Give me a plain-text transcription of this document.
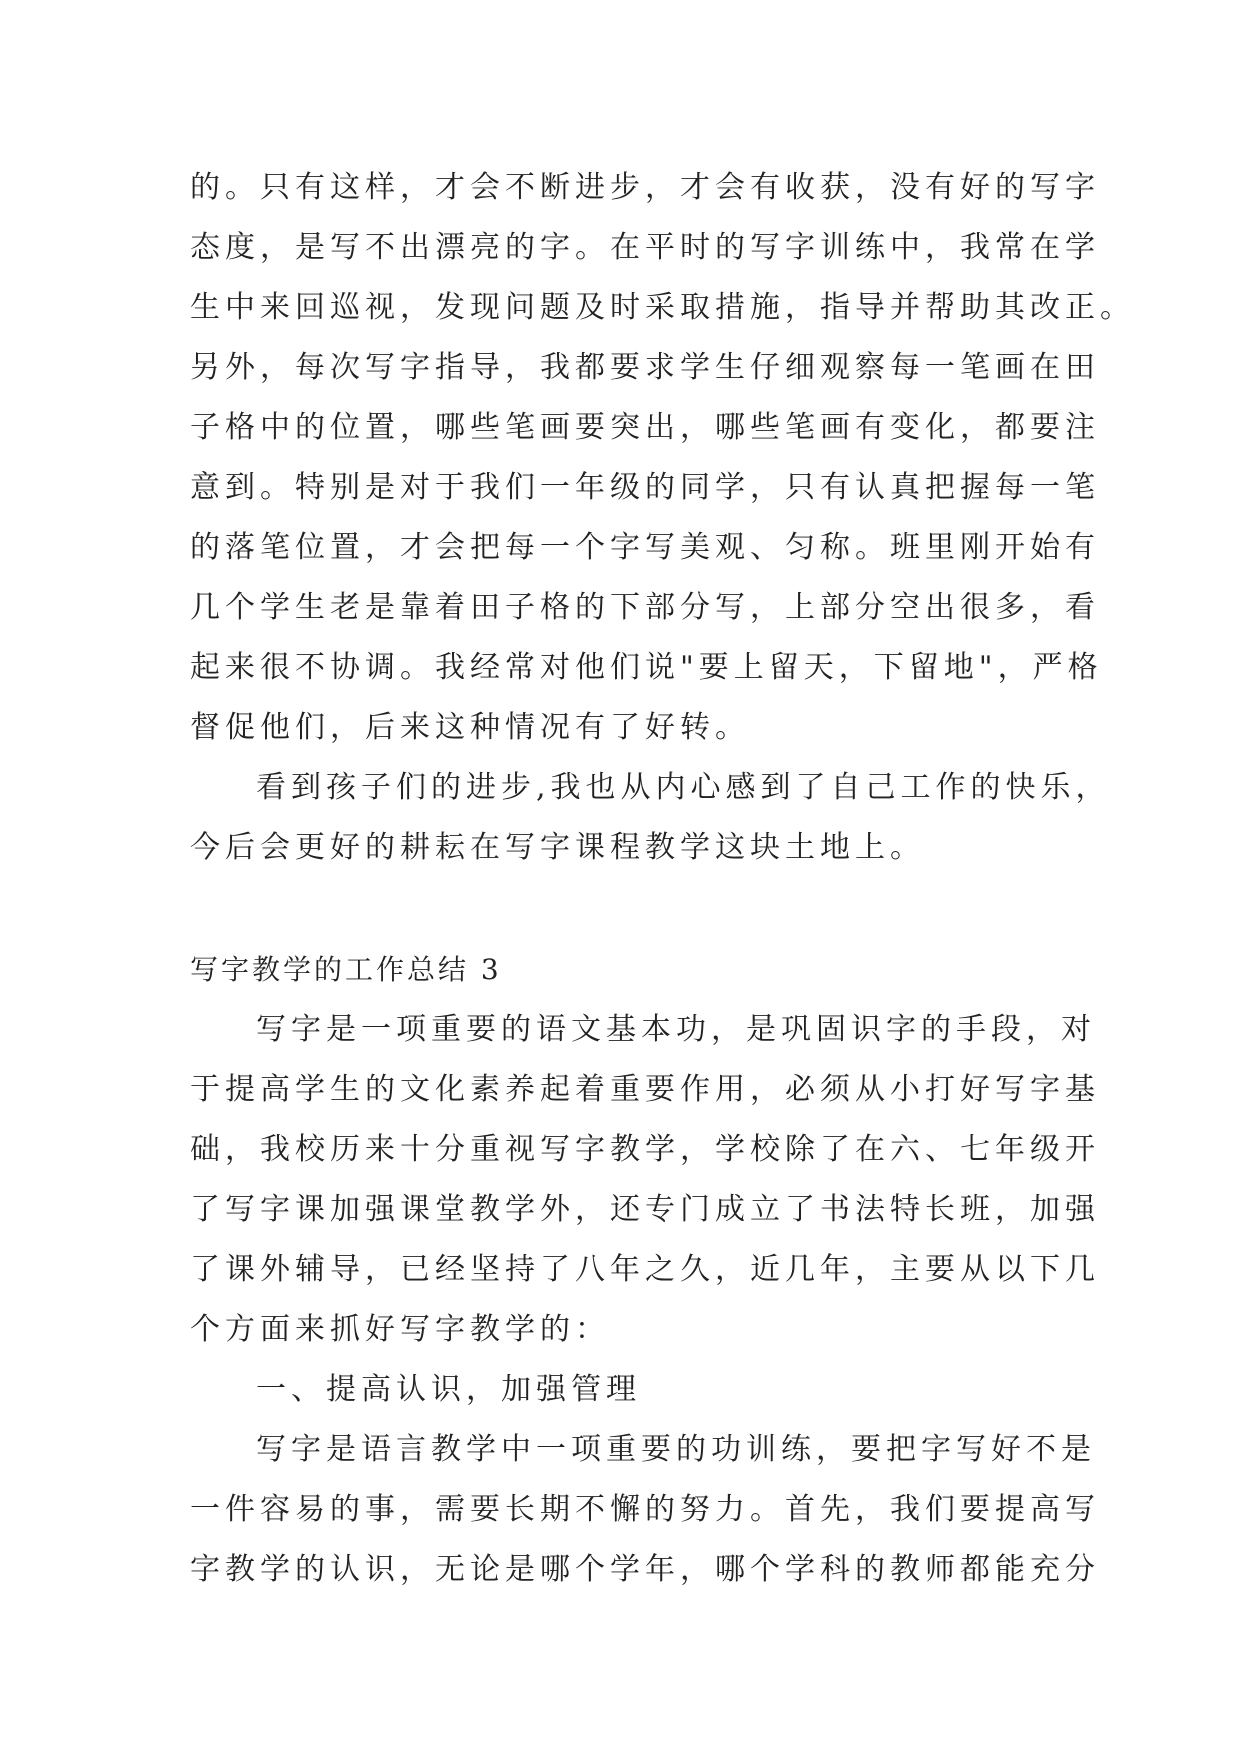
的。只有这样，才会不断进步，才会有收获，没有好的写字
态度，是写不出漂亮的字。在平时的写字训练中，我常在学
生中来回巡视，发现问题及时采取措施，指导并帮助其改正。
另外，每次写字指导，我都要求学生仔细观察每一笔画在田
子格中的位置，哪些笔画要突出，哪些笔画有变化，都要注
意到。特别是对于我们一年级的同学，只有认真把握每一笔
的落笔位置，才会把每一个字写美观、匀称。班里刚开始有
几个学生老是靠着田子格的下部分写，上部分空出很多，看
起来很不协调。我经常对他们说"要上留天，下留地"，严格
督促他们，后来这种情况有了好转。
看到孩子们的进步,我也从内心感到了自己工作的快乐，
今后会更好的耕耘在写字课程教学这块土地上。
写字教学的工作总结 3
写字是一项重要的语文基本功，是巩固识字的手段，对
于提高学生的文化素养起着重要作用，必须从小打好写字基
础，我校历来十分重视写字教学，学校除了在六、七年级开
了写字课加强课堂教学外，还专门成立了书法特长班，加强
了课外辅导，已经坚持了八年之久，近几年，主要从以下几
个方面来抓好写字教学的：
一、提高认识，加强管理
写字是语言教学中一项重要的功训练，要把字写好不是
一件容易的事，需要长期不懈的努力。首先，我们要提高写
字教学的认识，无论是哪个学年，哪个学科的教师都能充分
